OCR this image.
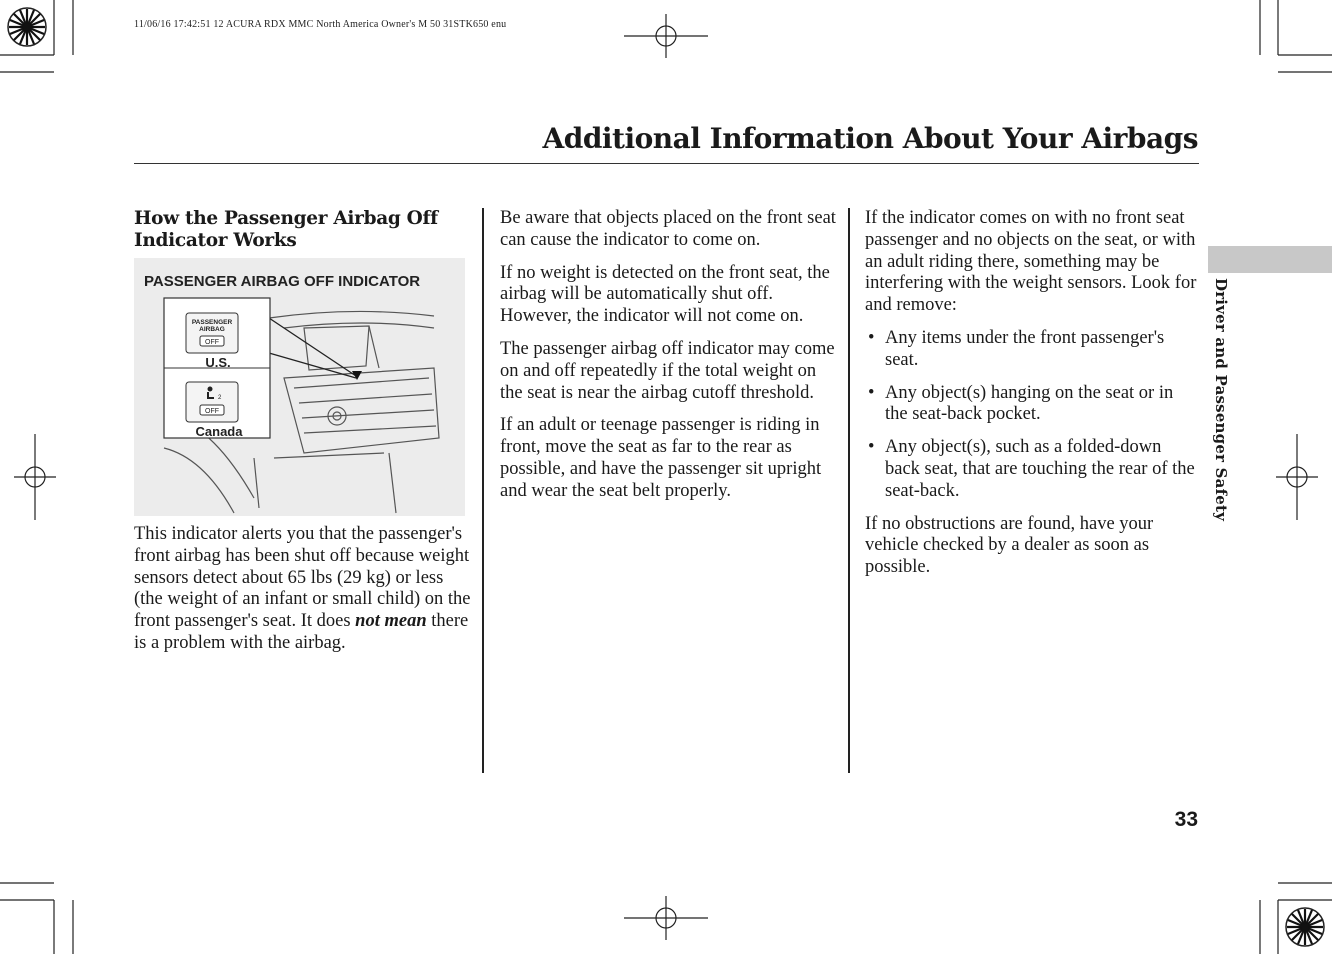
11/06/16 17:42:51 12 ACURA RDX MMC North America Owner's M 50 31STK650 enu
Additional Information About Your Airbags
How the Passenger Airbag Off Indicator Works
PASSENGER AIRBAG OFF INDICATOR
PASSENGER
AIRBAG
OFF
U.S.
2
OFF
Canada

This indicator alerts you that the passenger's front airbag has been shut off because weight sensors detect about 65 lbs (29 kg) or less (the weight of an infant or small child) on the front passenger's seat. It does not mean there is a problem with the airbag.

Be aware that objects placed on the front seat can cause the indicator to come on.

If no weight is detected on the front seat, the airbag will be automatically shut off. However, the indicator will not come on.

The passenger airbag off indicator may come on and off repeatedly if the total weight on the seat is near the airbag cutoff threshold.

If an adult or teenage passenger is riding in front, move the seat as far to the rear as possible, and have the passenger sit upright and wear the seat belt properly.

If the indicator comes on with no front seat passenger and no objects on the seat, or with an adult riding there, something may be interfering with the weight sensors. Look for and remove:

• Any items under the front passenger's seat.
• Any object(s) hanging on the seat or in the seat-back pocket.
• Any object(s), such as a folded-down back seat, that are touching the rear of the seat-back.

If no obstructions are found, have your vehicle checked by a dealer as soon as possible.

Driver and Passenger Safety
33
